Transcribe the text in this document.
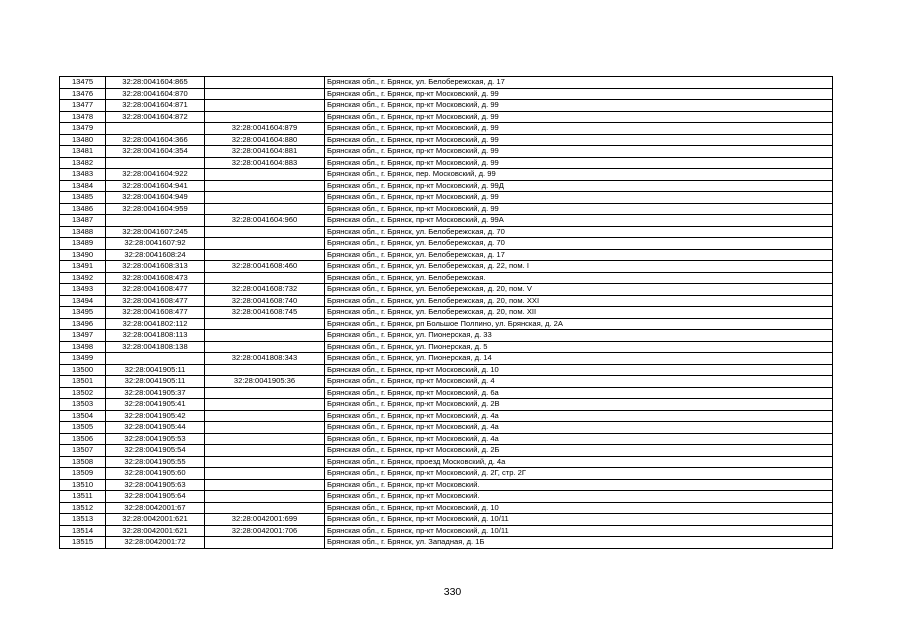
13475	32:28:0041604:865		Брянская обл., г. Брянск, ул. Белобережская, д. 17
13476	32:28:0041604:870		Брянская обл., г. Брянск, пр-кт Московский, д. 99
13477	32:28:0041604:871		Брянская обл., г. Брянск, пр-кт Московский, д. 99
13478	32:28:0041604:872		Брянская обл., г. Брянск, пр-кт Московский, д. 99
13479		32:28:0041604:879	Брянская обл., г. Брянск, пр-кт Московский, д. 99
13480	32:28:0041604:366	32:28:0041604:880	Брянская обл., г. Брянск, пр-кт Московский, д. 99
13481	32:28:0041604:354	32:28:0041604:881	Брянская обл., г. Брянск, пр-кт Московский, д. 99
13482		32:28:0041604:883	Брянская обл., г. Брянск, пр-кт Московский, д. 99
13483	32:28:0041604:922		Брянская обл., г. Брянск, пер. Московский, д. 99
13484	32:28:0041604:941		Брянская обл., г. Брянск, пр-кт Московский, д. 99Д
13485	32:28:0041604:949		Брянская обл., г. Брянск, пр-кт Московский, д. 99
13486	32:28:0041604:959		Брянская обл., г. Брянск, пр-кт Московский, д. 99
13487		32:28:0041604:960	Брянская обл., г. Брянск, пр-кт Московский, д. 99А
13488	32:28:0041607:245		Брянская обл., г. Брянск, ул. Белобережская, д. 70
13489	32:28:0041607:92		Брянская обл., г. Брянск, ул. Белобережская, д. 70
13490	32:28:0041608:24		Брянская обл., г. Брянск, ул. Белобережская, д. 17
13491	32:28:0041608:313	32:28:0041608:460	Брянская обл., г. Брянск, ул. Белобережская, д. 22, пом. I
13492	32:28:0041608:473		Брянская обл., г. Брянск, ул. Белобережская.
13493	32:28:0041608:477	32:28:0041608:732	Брянская обл., г. Брянск, ул. Белобережская, д. 20, пом. V
13494	32:28:0041608:477	32:28:0041608:740	Брянская обл., г. Брянск, ул. Белобережская, д. 20, пом. XXI
13495	32:28:0041608:477	32:28:0041608:745	Брянская обл., г. Брянск, ул. Белобережская, д. 20, пом. XII
13496	32:28:0041802:112		Брянская обл., г. Брянск, рп Большое Полпино, ул. Брянская, д. 2А
13497	32:28:0041808:113		Брянская обл., г. Брянск, ул. Пионерская, д. 33
13498	32:28:0041808:138		Брянская обл., г. Брянск, ул. Пионерская, д. 5
13499		32:28:0041808:343	Брянская обл., г. Брянск, ул. Пионерская, д. 14
13500	32:28:0041905:11		Брянская обл., г. Брянск, пр-кт Московский, д. 10
13501	32:28:0041905:11	32:28:0041905:36	Брянская обл., г. Брянск, пр-кт Московский, д. 4
13502	32:28:0041905:37		Брянская обл., г. Брянск, пр-кт Московский, д. 6а
13503	32:28:0041905:41		Брянская обл., г. Брянск, пр-кт Московский, д. 2В
13504	32:28:0041905:42		Брянская обл., г. Брянск, пр-кт Московский, д. 4а
13505	32:28:0041905:44		Брянская обл., г. Брянск, пр-кт Московский, д. 4а
13506	32:28:0041905:53		Брянская обл., г. Брянск, пр-кт Московский, д. 4а
13507	32:28:0041905:54		Брянская обл., г. Брянск, пр-кт Московский, д. 2Б
13508	32:28:0041905:55		Брянская обл., г. Брянск, проезд Московский, д. 4а
13509	32:28:0041905:60		Брянская обл., г. Брянск, пр-кт Московский, д. 2Г, стр. 2Г
13510	32:28:0041905:63		Брянская обл., г. Брянск, пр-кт Московский.
13511	32:28:0041905:64		Брянская обл., г. Брянск, пр-кт Московский.
13512	32:28:0042001:67		Брянская обл., г. Брянск, пр-кт Московский, д. 10
13513	32:28:0042001:621	32:28:0042001:699	Брянская обл., г. Брянск, пр-кт Московский, д. 10/11
13514	32:28:0042001:621	32:28:0042001:706	Брянская обл., г. Брянск, пр-кт Московский, д. 10/11
13515	32:28:0042001:72		Брянская обл., г. Брянск, ул. Западная, д. 1Б
330
